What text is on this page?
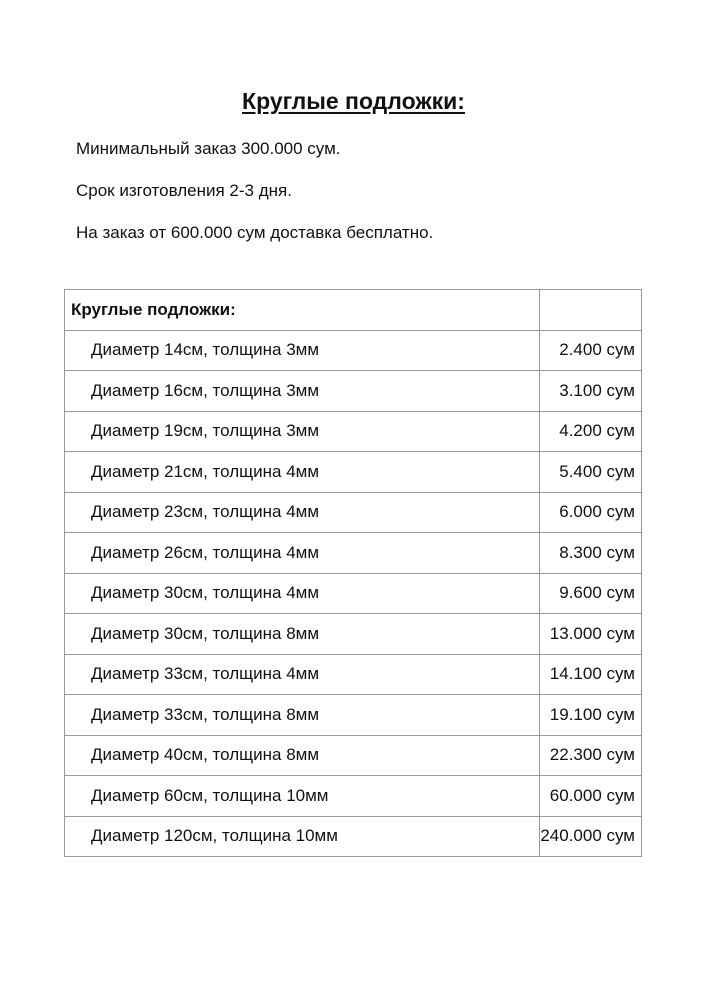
Круглые подложки:

Минимальный заказ 300.000 сум.

Срок изготовления 2-3 дня.

На заказ от 600.000 сум доставка бесплатно.

Круглые подложки:	
Диаметр 14см, толщина 3мм	2.400 сум
Диаметр 16см, толщина 3мм	3.100 сум
Диаметр 19см, толщина 3мм	4.200 сум
Диаметр 21см, толщина 4мм	5.400 сум
Диаметр 23см, толщина 4мм	6.000 сум
Диаметр 26см, толщина 4мм	8.300 сум
Диаметр 30см, толщина 4мм	9.600 сум
Диаметр 30см, толщина 8мм	13.000 сум
Диаметр 33см, толщина 4мм	14.100 сум
Диаметр 33см, толщина 8мм	19.100 сум
Диаметр 40см, толщина 8мм	22.300 сум
Диаметр 60см, толщина 10мм	60.000 сум
Диаметр 120см, толщина 10мм	240.000 сум
